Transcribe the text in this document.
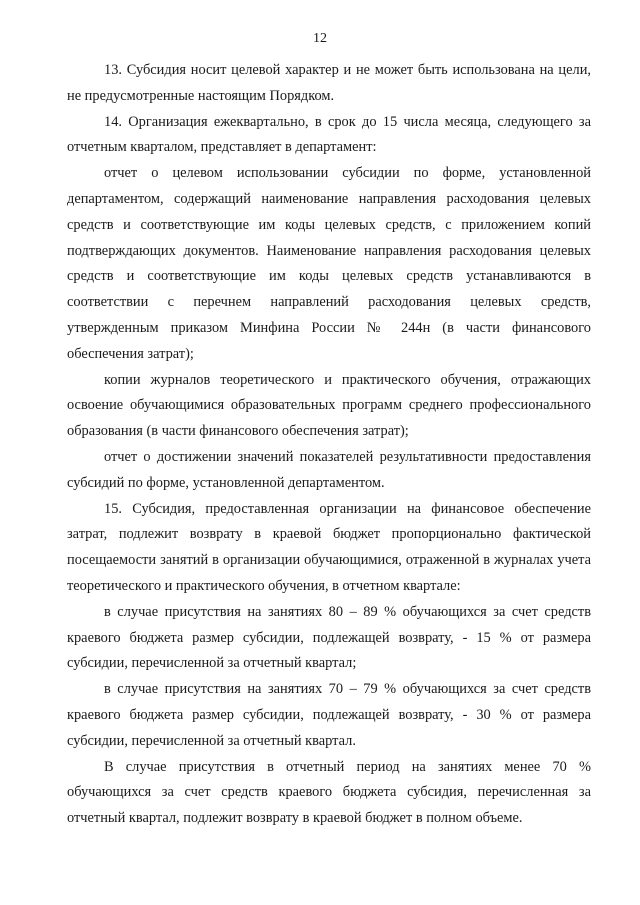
12

13. Субсидия носит целевой характер и не может быть использована на цели, не предусмотренные настоящим Порядком.

14. Организация ежеквартально, в срок до 15 числа месяца, следующего за отчетным кварталом, представляет в департамент:

отчет о целевом использовании субсидии по форме, установленной департаментом, содержащий наименование направления расходования целевых средств и соответствующие им коды целевых средств, с приложением копий подтверждающих документов. Наименование направления расходования целевых средств и соответствующие им коды целевых средств устанавливаются в соответствии с перечнем направлений расходования целевых средств, утвержденным приказом Минфина России № 244н (в части финансового обеспечения затрат);

копии журналов теоретического и практического обучения, отражающих освоение обучающимися образовательных программ среднего профессионального образования (в части финансового обеспечения затрат);

отчет о достижении значений показателей результативности предоставления субсидий по форме, установленной департаментом.

15. Субсидия, предоставленная организации на финансовое обеспечение затрат, подлежит возврату в краевой бюджет пропорционально фактической посещаемости занятий в организации обучающимися, отраженной в журналах учета теоретического и практического обучения, в отчетном квартале:

в случае присутствия на занятиях 80 – 89 % обучающихся за счет средств краевого бюджета размер субсидии, подлежащей возврату, - 15 % от размера субсидии, перечисленной за отчетный квартал;

в случае присутствия на занятиях 70 – 79 % обучающихся за счет средств краевого бюджета размер субсидии, подлежащей возврату, - 30 % от размера субсидии, перечисленной за отчетный квартал.

В случае присутствия в отчетный период на занятиях менее 70 % обучающихся за счет средств краевого бюджета субсидия, перечисленная за отчетный квартал, подлежит возврату в краевой бюджет в полном объеме.
